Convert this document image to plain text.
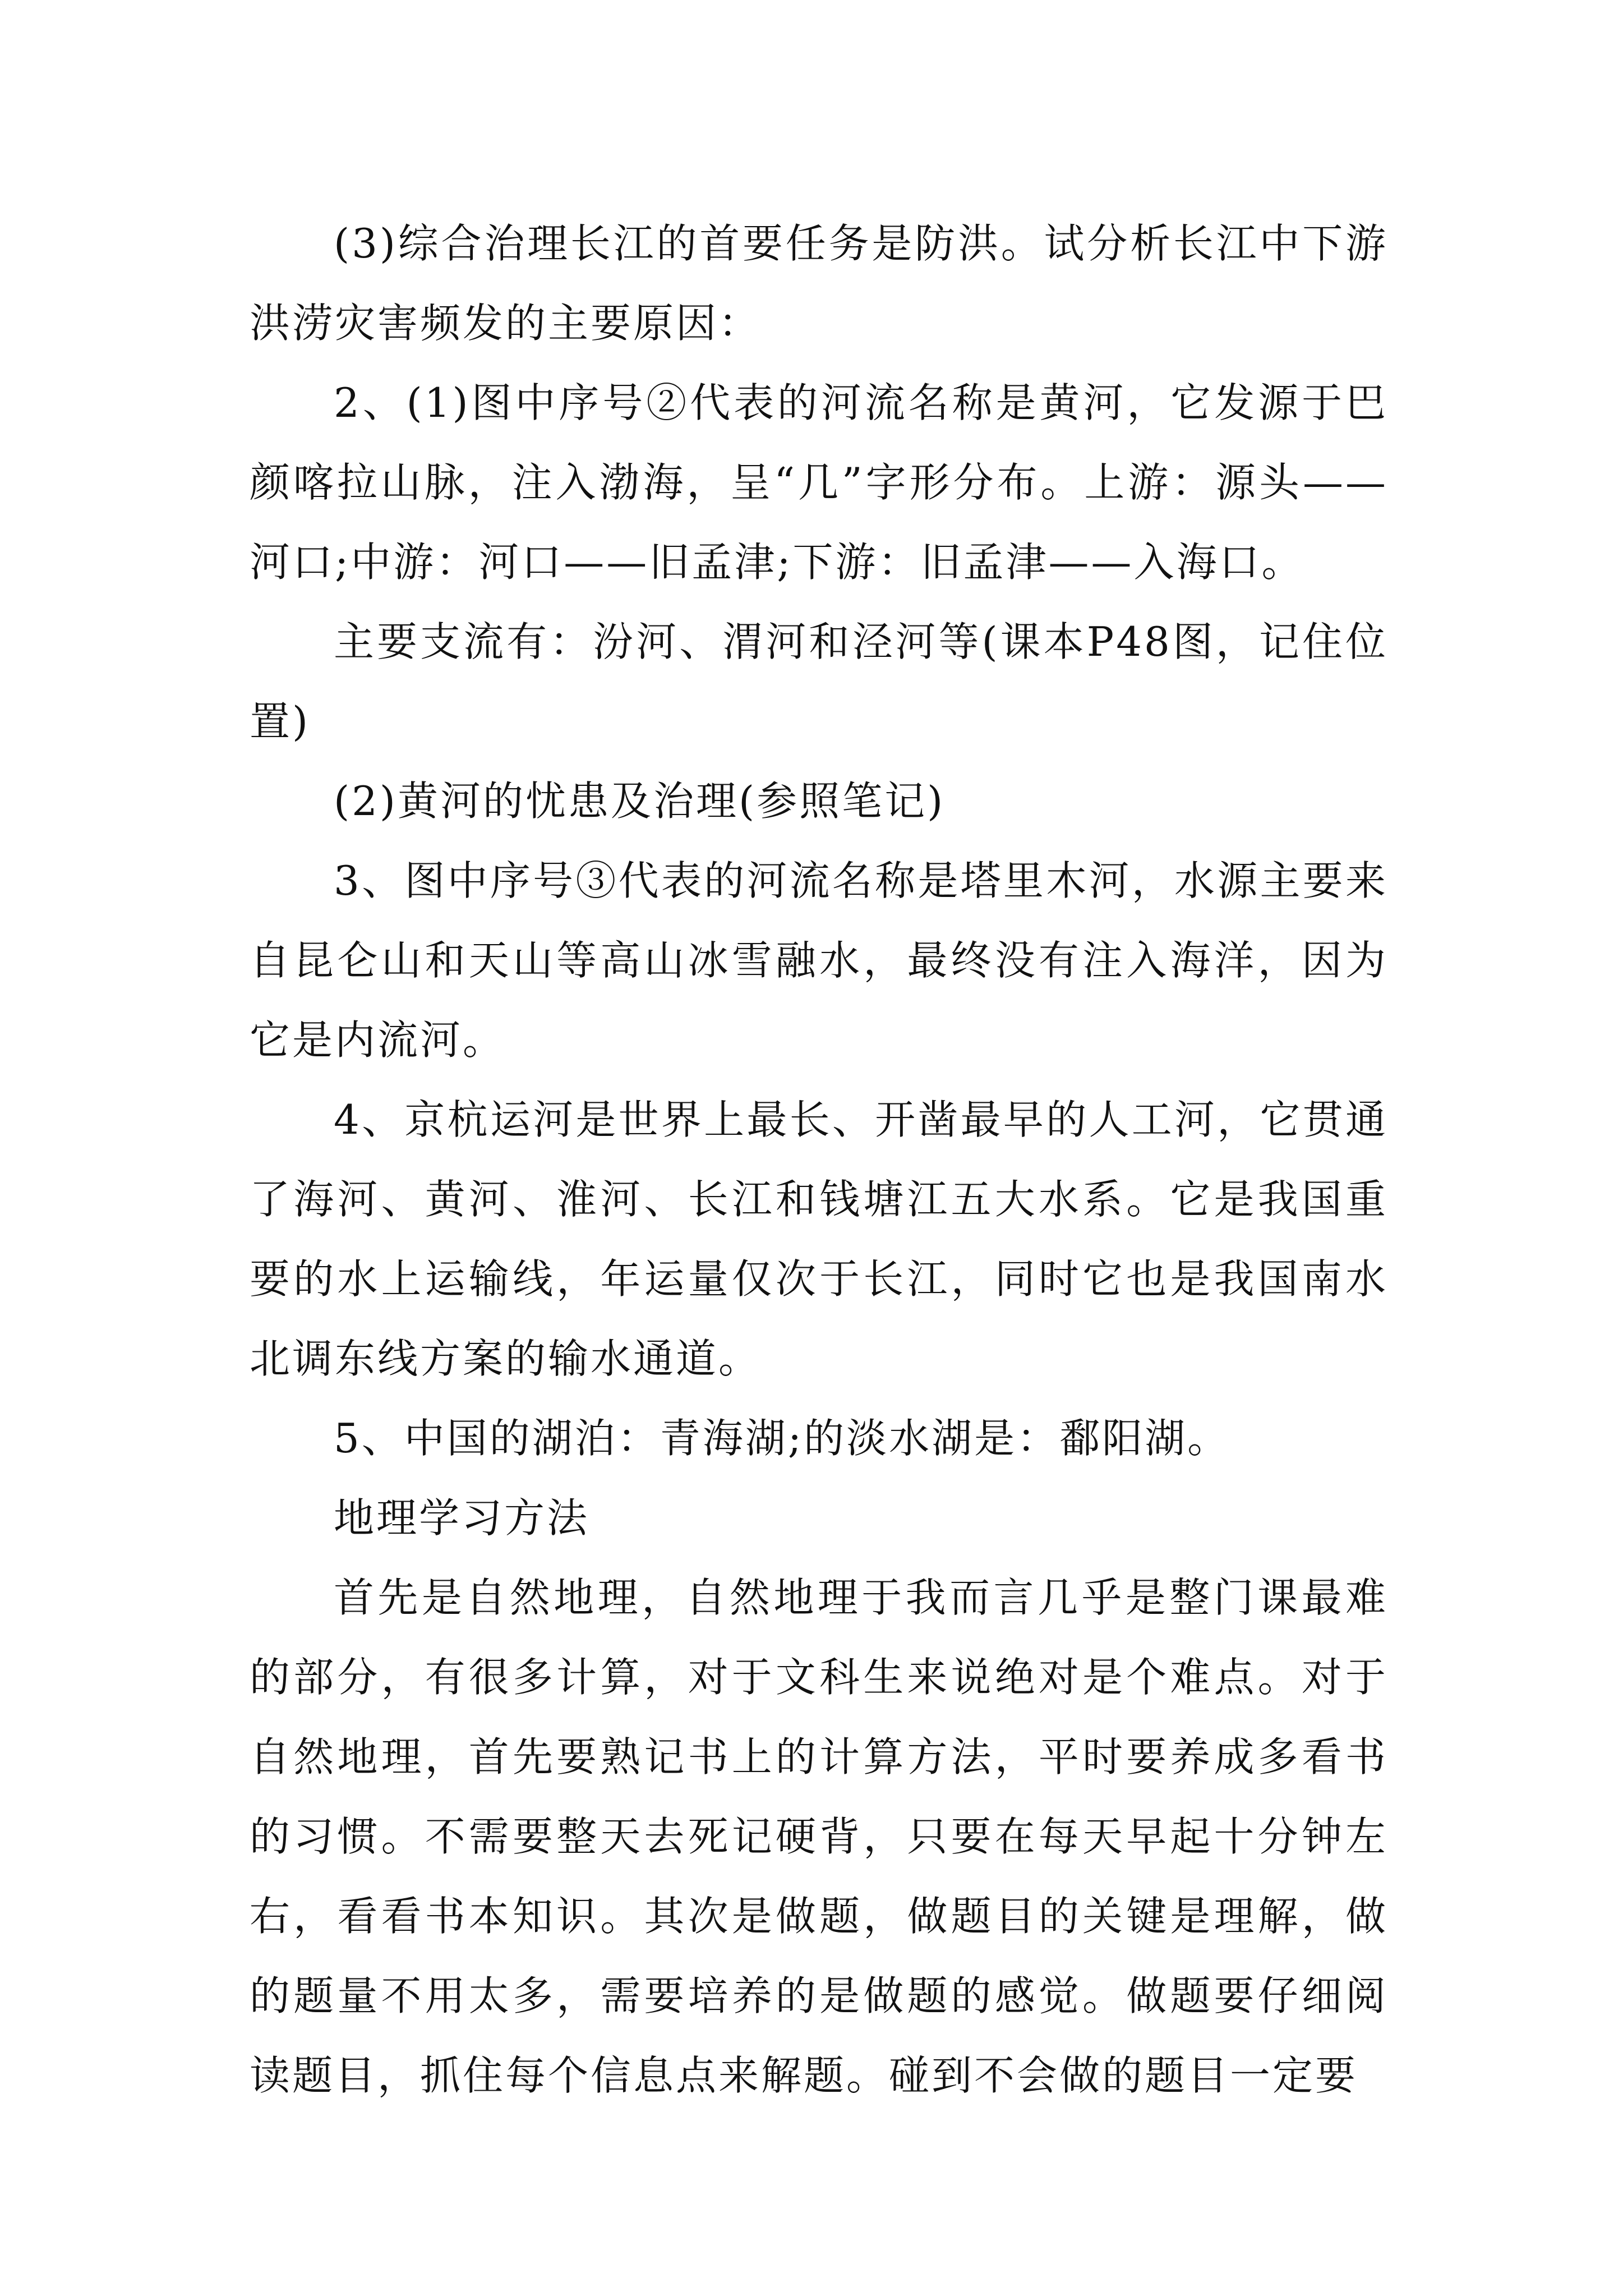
(3)综合治理长江的首要任务是防洪。试分析长江中下游洪涝灾害频发的主要原因：

2、(1)图中序号②代表的河流名称是黄河，它发源于巴颜喀拉山脉，注入渤海，呈“几”字形分布。上游：源头——河口;中游：河口——旧孟津;下游：旧孟津——入海口。

主要支流有：汾河、渭河和泾河等(课本P48图，记住位置)

(2)黄河的忧患及治理(参照笔记)

3、图中序号③代表的河流名称是塔里木河，水源主要来自昆仑山和天山等高山冰雪融水，最终没有注入海洋，因为它是内流河。

4、京杭运河是世界上最长、开凿最早的人工河，它贯通了海河、黄河、淮河、长江和钱塘江五大水系。它是我国重要的水上运输线，年运量仅次于长江，同时它也是我国南水北调东线方案的输水通道。

5、中国的湖泊：青海湖;的淡水湖是：鄱阳湖。

地理学习方法

首先是自然地理，自然地理于我而言几乎是整门课最难的部分，有很多计算，对于文科生来说绝对是个难点。对于自然地理，首先要熟记书上的计算方法，平时要养成多看书的习惯。不需要整天去死记硬背，只要在每天早起十分钟左右，看看书本知识。其次是做题，做题目的关键是理解，做的题量不用太多，需要培养的是做题的感觉。做题要仔细阅读题目，抓住每个信息点来解题。碰到不会做的题目一定要
